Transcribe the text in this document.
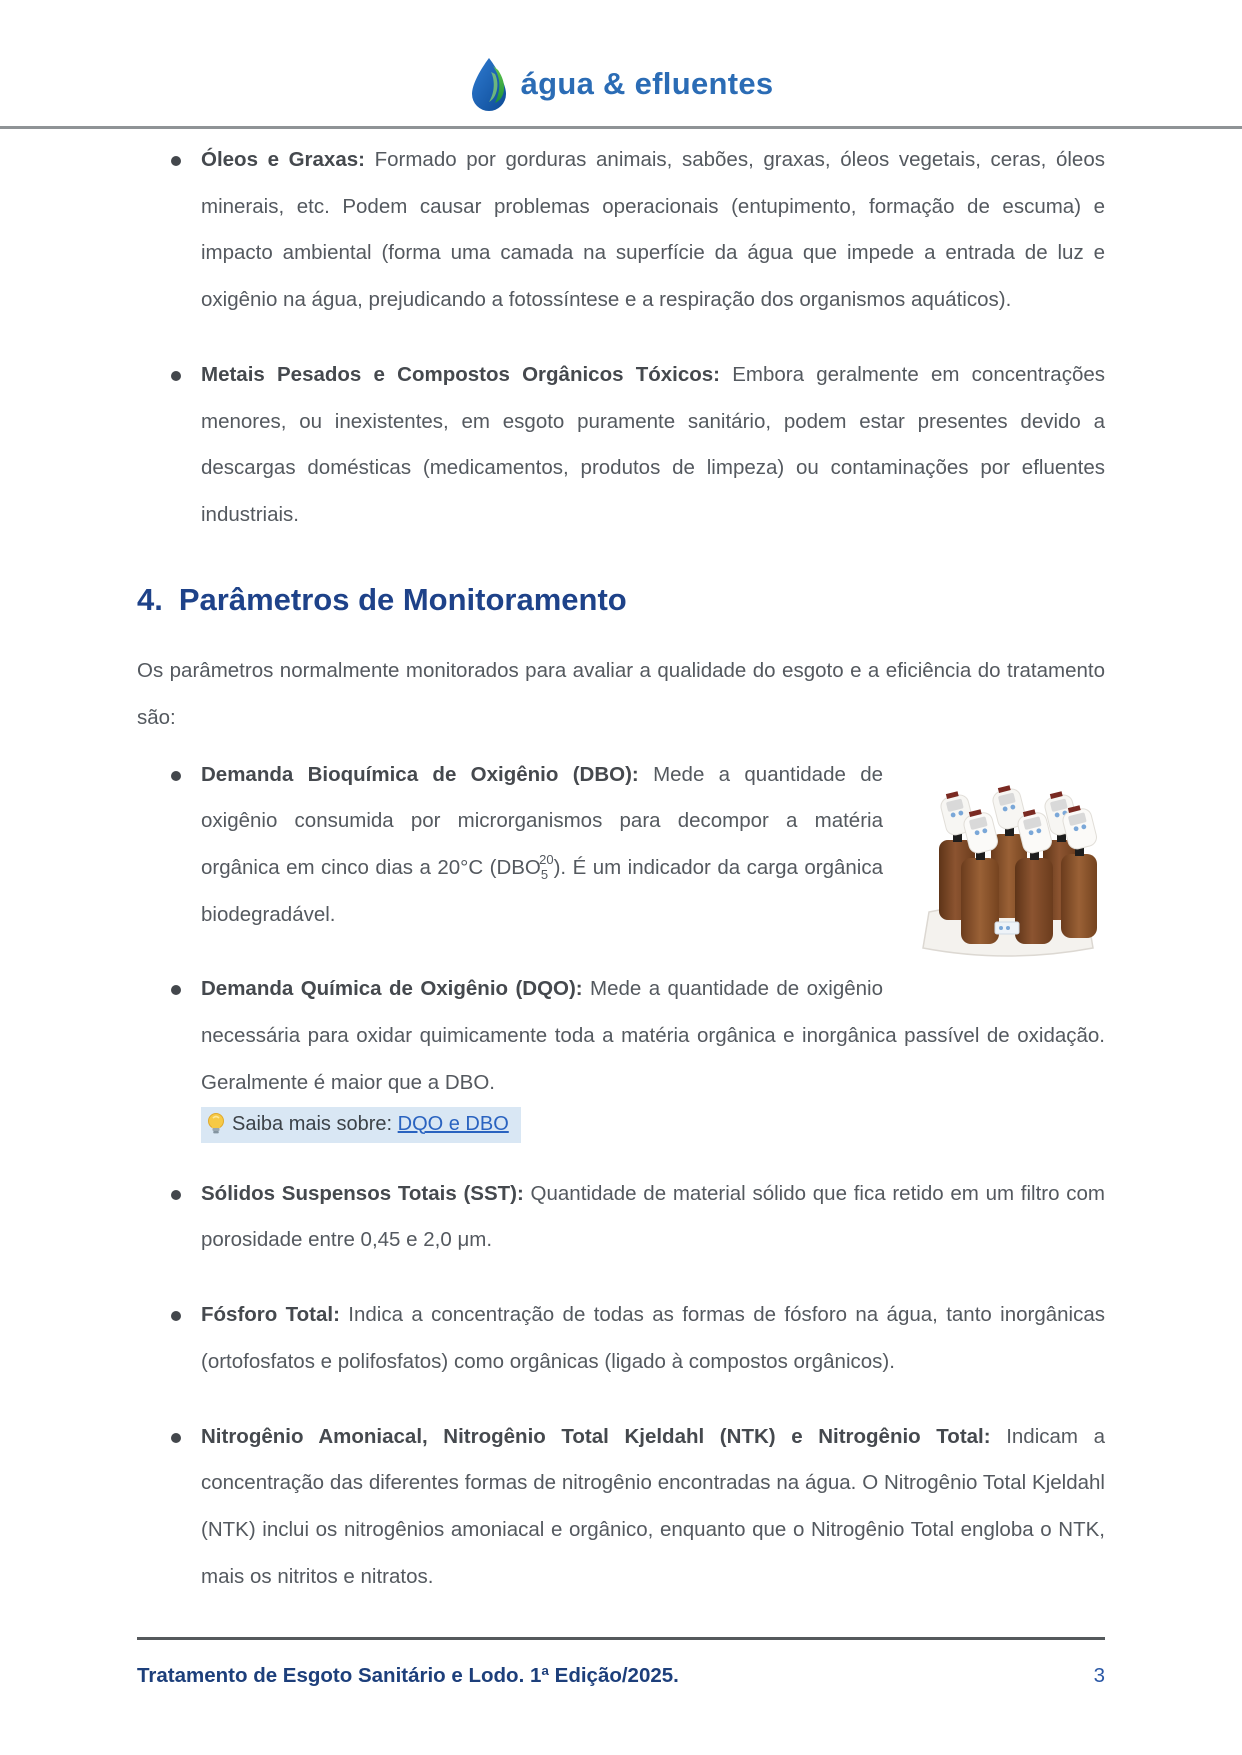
água & efluentes

Óleos e Graxas: Formado por gorduras animais, sabões, graxas, óleos vegetais, ceras, óleos minerais, etc. Podem causar problemas operacionais (entupimento, formação de escuma) e impacto ambiental (forma uma camada na superfície da água que impede a entrada de luz e oxigênio na água, prejudicando a fotossíntese e a respiração dos organismos aquáticos).

Metais Pesados e Compostos Orgânicos Tóxicos: Embora geralmente em concentrações menores, ou inexistentes, em esgoto puramente sanitário, podem estar presentes devido a descargas domésticas (medicamentos, produtos de limpeza) ou contaminações por efluentes industriais.

4. Parâmetros de Monitoramento

Os parâmetros normalmente monitorados para avaliar a qualidade do esgoto e a eficiência do tratamento são:

Demanda Bioquímica de Oxigênio (DBO): Mede a quantidade de oxigênio consumida por microrganismos para decompor a matéria orgânica em cinco dias a 20°C $(DBO_5^{20})$. É um indicador da carga orgânica biodegradável.

Demanda Química de Oxigênio (DQO): Mede a quantidade de oxigênio necessária para oxidar quimicamente toda a matéria orgânica e inorgânica passível de oxidação. Geralmente é maior que a DBO.

Saiba mais sobre: DQO e DBO

Sólidos Suspensos Totais (SST): Quantidade de material sólido que fica retido em um filtro com porosidade entre 0,45 e 2,0 μm.

Fósforo Total: Indica a concentração de todas as formas de fósforo na água, tanto inorgânicas (ortofosfatos e polifosfatos) como orgânicas (ligado à compostos orgânicos).

Nitrogênio Amoniacal, Nitrogênio Total Kjeldahl (NTK) e Nitrogênio Total: Indicam a concentração das diferentes formas de nitrogênio encontradas na água. O Nitrogênio Total Kjeldahl (NTK) inclui os nitrogênios amoniacal e orgânico, enquanto que o Nitrogênio Total engloba o NTK, mais os nitritos e nitratos.

Tratamento de Esgoto Sanitário e Lodo. 1ª Edição/2025.	3
